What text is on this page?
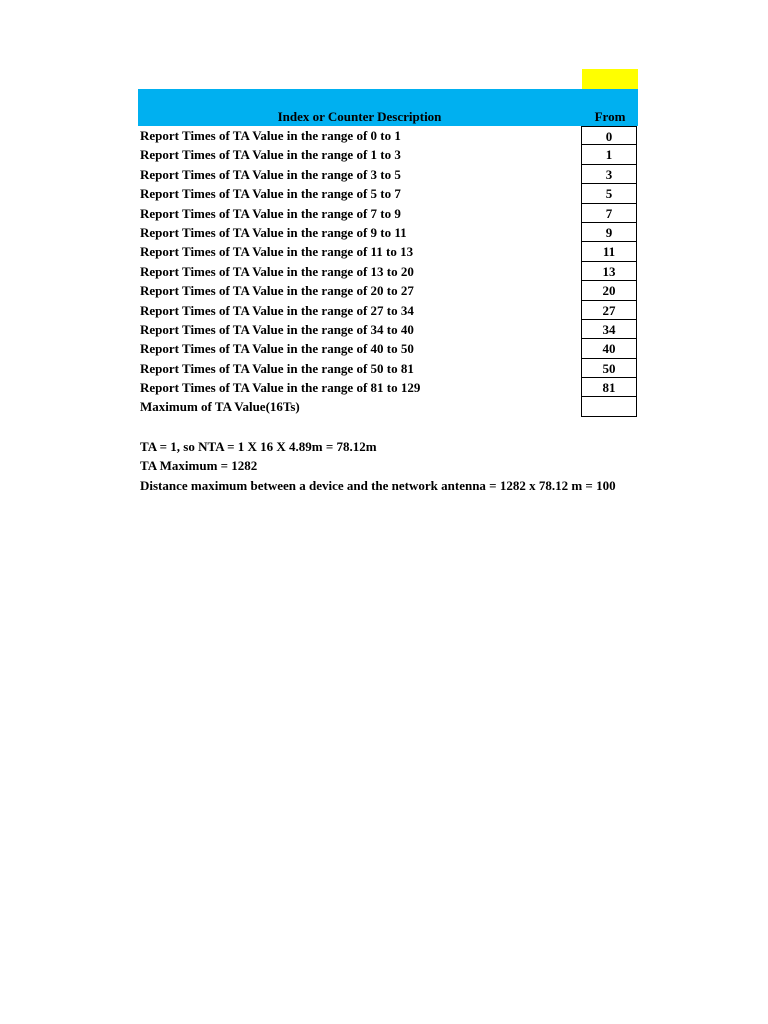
Index or Counter Description	From
Report Times of TA Value in the range of 0 to 1	0
Report Times of TA Value in the range of 1 to 3	1
Report Times of TA Value in the range of 3 to 5	3
Report Times of TA Value in the range of 5 to 7	5
Report Times of TA Value in the range of 7 to 9	7
Report Times of TA Value in the range of 9 to 11	9
Report Times of TA Value in the range of 11 to 13	11
Report Times of TA Value in the range of 13 to 20	13
Report Times of TA Value in the range of 20 to 27	20
Report Times of TA Value in the range of 27 to 34	27
Report Times of TA Value in the range of 34 to 40	34
Report Times of TA Value in the range of 40 to 50	40
Report Times of TA Value in the range of 50 to 81	50
Report Times of TA Value in the range of 81 to 129	81
Maximum of TA Value(16Ts)
TA = 1, so NTA = 1 X 16 X 4.89m = 78.12m
TA Maximum = 1282
Distance maximum between a device and the network antenna = 1282 x 78.12 m = 100
